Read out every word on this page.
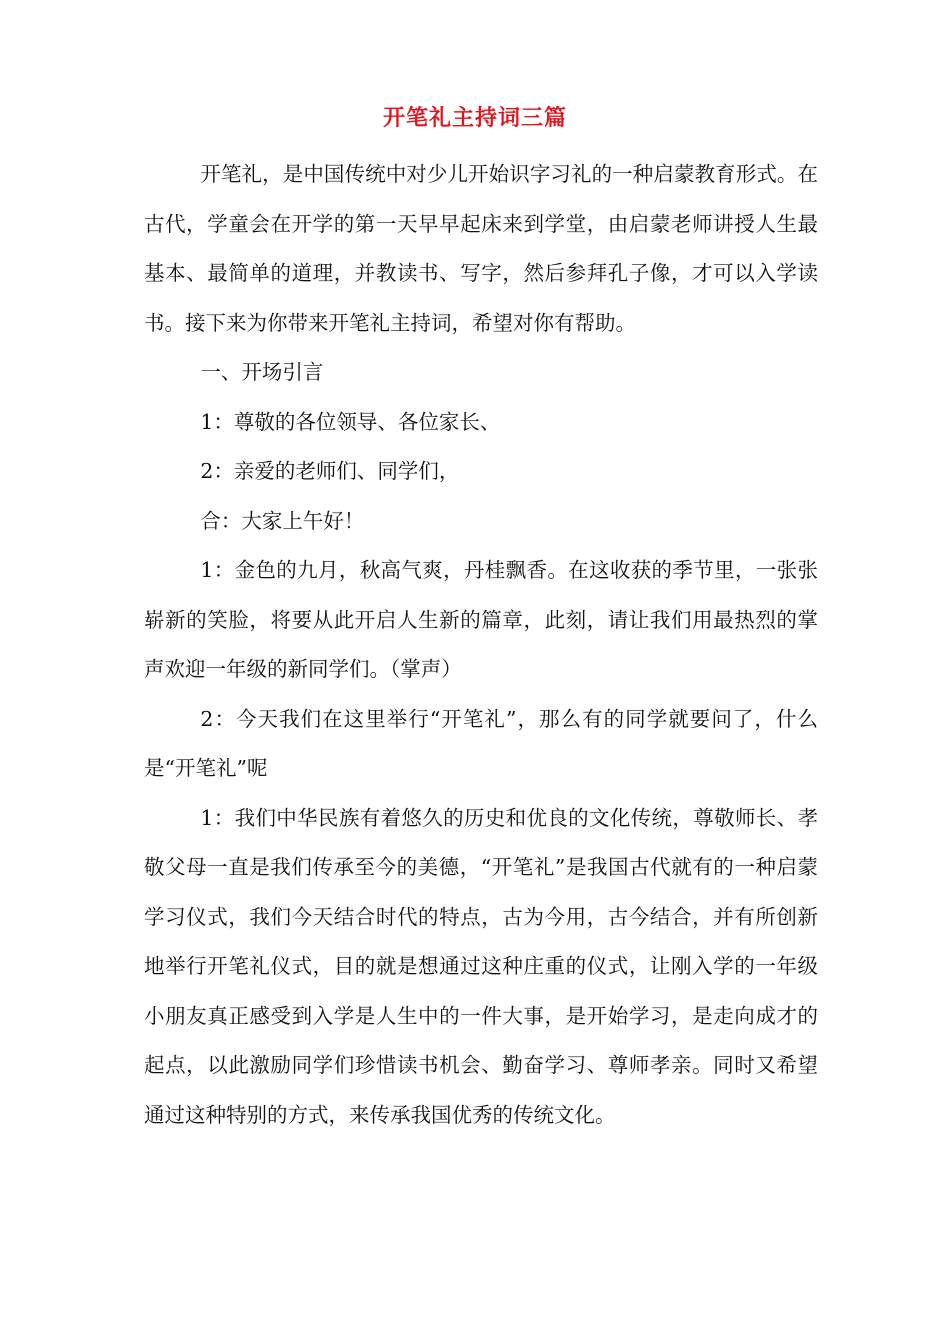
开笔礼主持词三篇

开笔礼，是中国传统中对少儿开始识字习礼的一种启蒙教育形式。在古代，学童会在开学的第一天早早起床来到学堂，由启蒙老师讲授人生最基本、最简单的道理，并教读书、写字，然后参拜孔子像，才可以入学读书。接下来为你带来开笔礼主持词，希望对你有帮助。

一、开场引言

1：尊敬的各位领导、各位家长、

2：亲爱的老师们、同学们，

合：大家上午好！

1：金色的九月，秋高气爽，丹桂飘香。在这收获的季节里，一张张崭新的笑脸，将要从此开启人生新的篇章，此刻，请让我们用最热烈的掌声欢迎一年级的新同学们。（掌声）

2：今天我们在这里举行“开笔礼”，那么有的同学就要问了，什么是“开笔礼”呢

1：我们中华民族有着悠久的历史和优良的文化传统，尊敬师长、孝敬父母一直是我们传承至今的美德，“开笔礼”是我国古代就有的一种启蒙学习仪式，我们今天结合时代的特点，古为今用，古今结合，并有所创新地举行开笔礼仪式，目的就是想通过这种庄重的仪式，让刚入学的一年级小朋友真正感受到入学是人生中的一件大事，是开始学习，是走向成才的起点，以此激励同学们珍惜读书机会、勤奋学习、尊师孝亲。同时又希望通过这种特别的方式，来传承我国优秀的传统文化。
